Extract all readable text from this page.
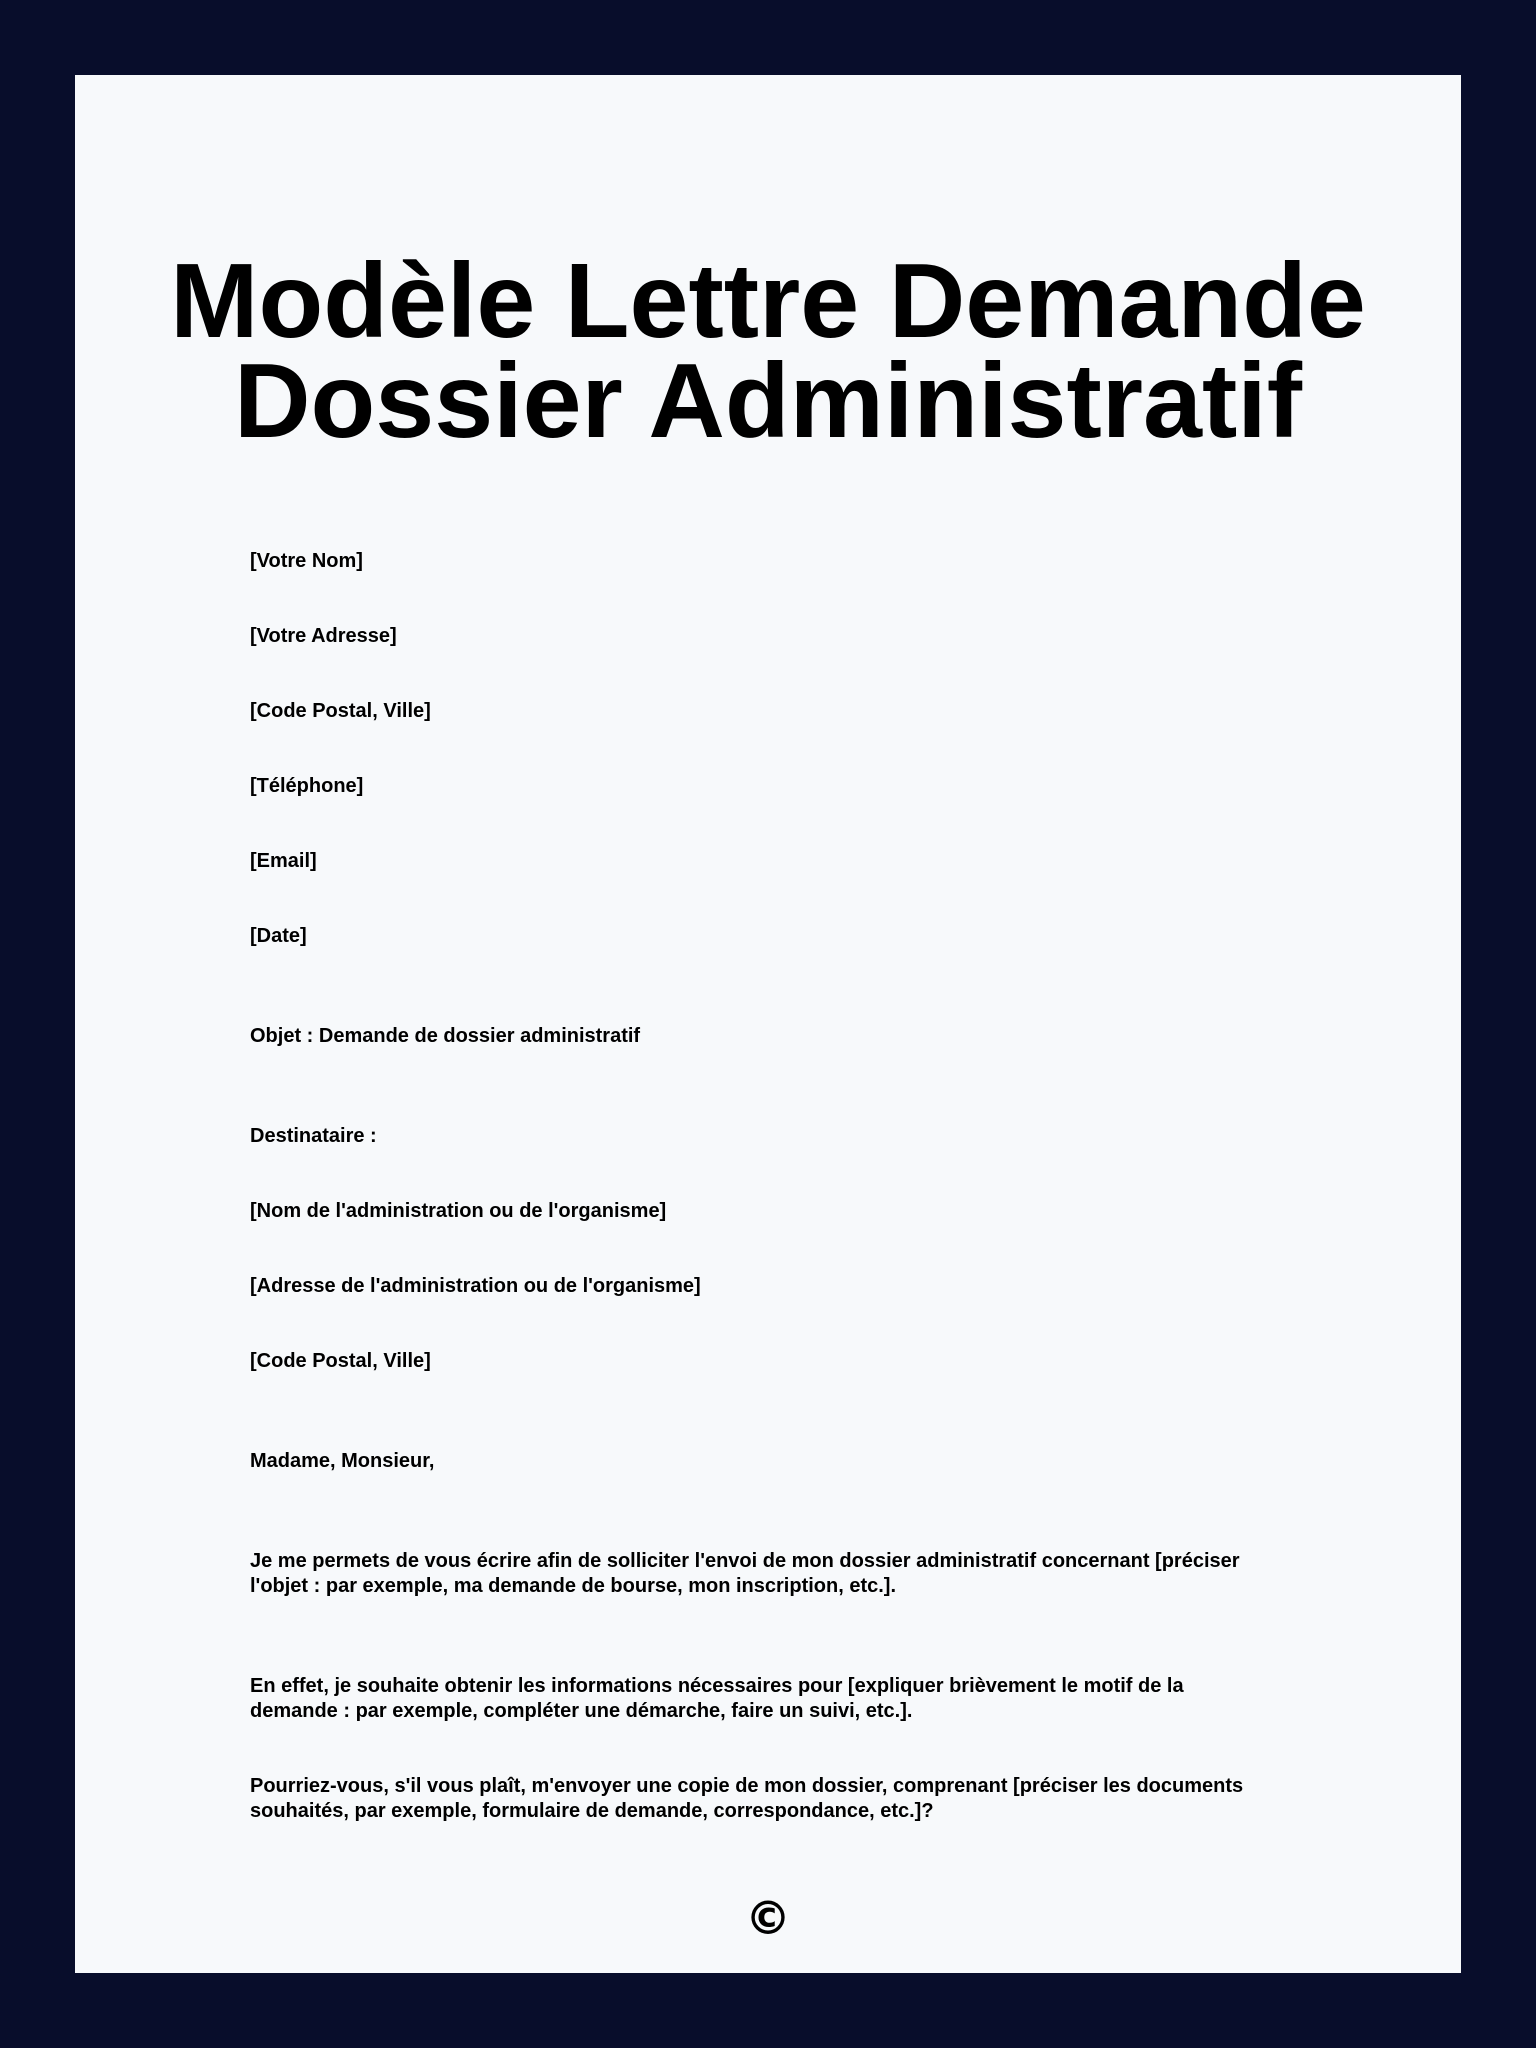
Modèle Lettre Demande
Dossier Administratif

[Votre Nom]

[Votre Adresse]

[Code Postal, Ville]

[Téléphone]

[Email]

[Date]

Objet : Demande de dossier administratif

Destinataire :

[Nom de l'administration ou de l'organisme]

[Adresse de l'administration ou de l'organisme]

[Code Postal, Ville]

Madame, Monsieur,

Je me permets de vous écrire afin de solliciter l'envoi de mon dossier administratif concernant [préciser
l'objet : par exemple, ma demande de bourse, mon inscription, etc.].
En effet, je souhaite obtenir les informations nécessaires pour [expliquer brièvement le motif de la
demande : par exemple, compléter une démarche, faire un suivi, etc.].
Pourriez-vous, s'il vous plaît, m'envoyer une copie de mon dossier, comprenant [préciser les documents
souhaités, par exemple, formulaire de demande, correspondance, etc.]?
©
